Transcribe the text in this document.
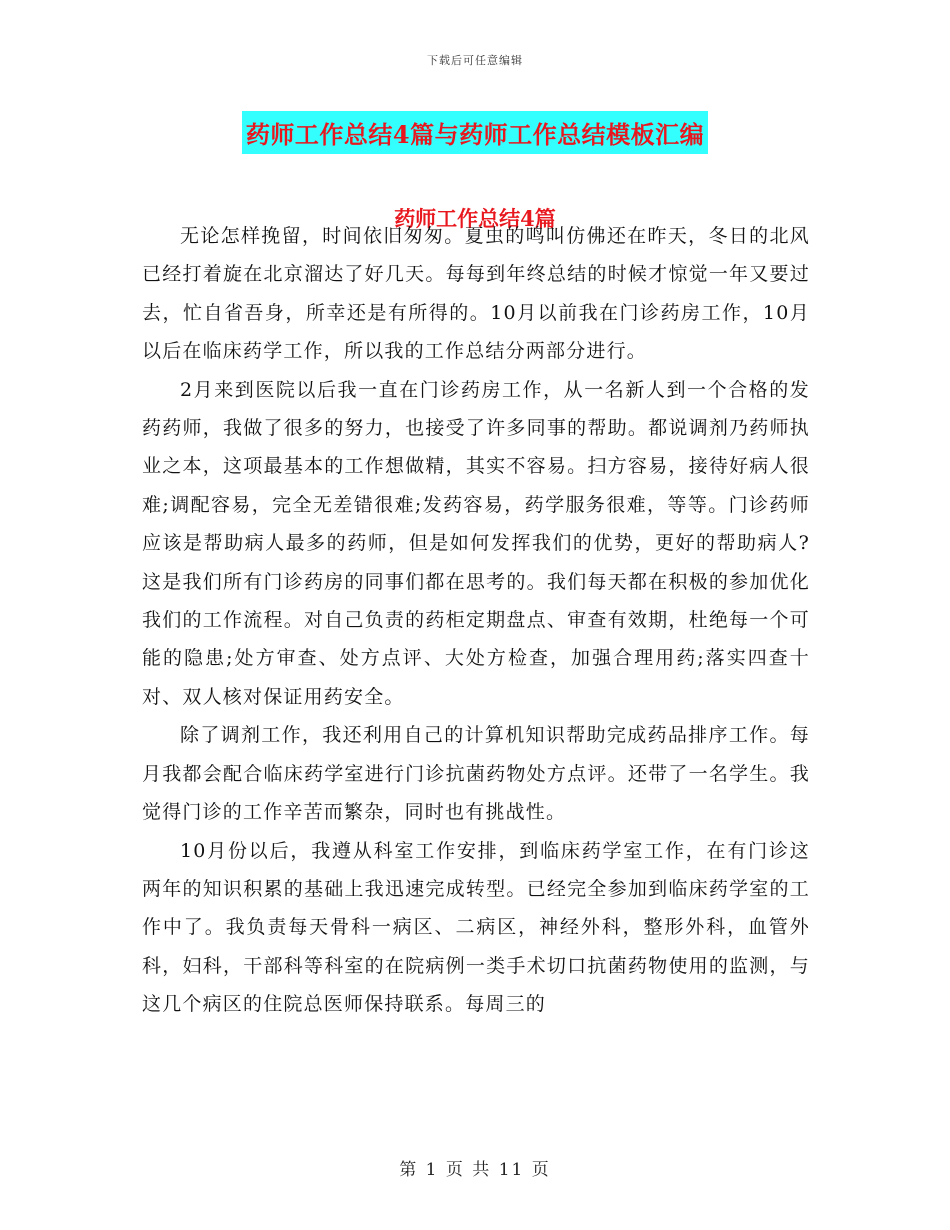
下载后可任意编辑
药师工作总结4篇与药师工作总结模板汇编
药师工作总结4篇

无论怎样挽留，时间依旧匆匆。夏虫的鸣叫仿佛还在昨天，冬日的北风已经打着旋在北京溜达了好几天。每每到年终总结的时候才惊觉一年又要过去，忙自省吾身，所幸还是有所得的。10月以前我在门诊药房工作，10月以后在临床药学工作，所以我的工作总结分两部分进行。

2月来到医院以后我一直在门诊药房工作，从一名新人到一个合格的发药药师，我做了很多的努力，也接受了许多同事的帮助。都说调剂乃药师执业之本，这项最基本的工作想做精，其实不容易。扫方容易，接待好病人很难;调配容易，完全无差错很难;发药容易，药学服务很难，等等。门诊药师应该是帮助病人最多的药师，但是如何发挥我们的优势，更好的帮助病人?这是我们所有门诊药房的同事们都在思考的。我们每天都在积极的参加优化我们的工作流程。对自己负责的药柜定期盘点、审查有效期，杜绝每一个可能的隐患;处方审查、处方点评、大处方检查，加强合理用药;落实四查十对、双人核对保证用药安全。

除了调剂工作，我还利用自己的计算机知识帮助完成药品排序工作。每月我都会配合临床药学室进行门诊抗菌药物处方点评。还带了一名学生。我觉得门诊的工作辛苦而繁杂，同时也有挑战性。

10月份以后，我遵从科室工作安排，到临床药学室工作，在有门诊这两年的知识积累的基础上我迅速完成转型。已经完全参加到临床药学室的工作中了。我负责每天骨科一病区、二病区，神经外科，整形外科，血管外科，妇科，干部科等科室的在院病例一类手术切口抗菌药物使用的监测，与这几个病区的住院总医师保持联系。每周三的

第 1 页 共 11 页
